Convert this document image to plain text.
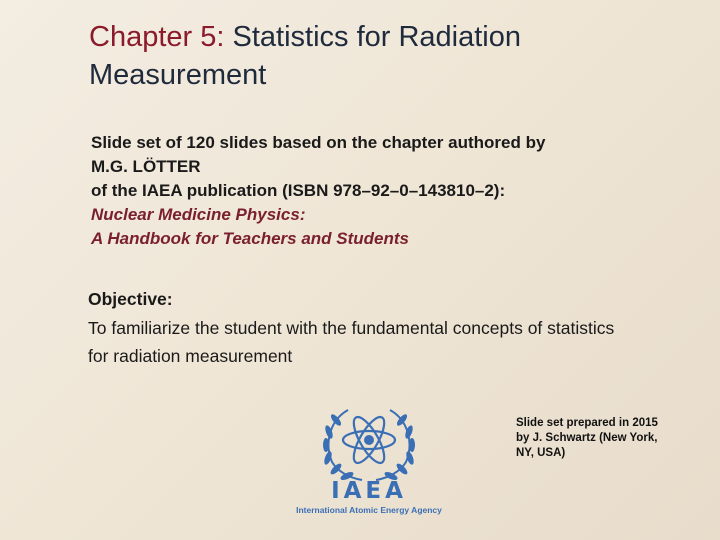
Chapter 5: Statistics for Radiation
Measurement
Slide set of 120 slides based on the chapter authored by
M.G. LÖTTER
of the IAEA publication (ISBN 978–92–0–143810–2):
Nuclear Medicine Physics:
A Handbook for Teachers and Students
Objective:
To familiarize the student with the fundamental concepts of statistics
for radiation measurement
Slide set prepared in 2015
by J. Schwartz (New York,
NY, USA)
IAEA
International Atomic Energy Agency
